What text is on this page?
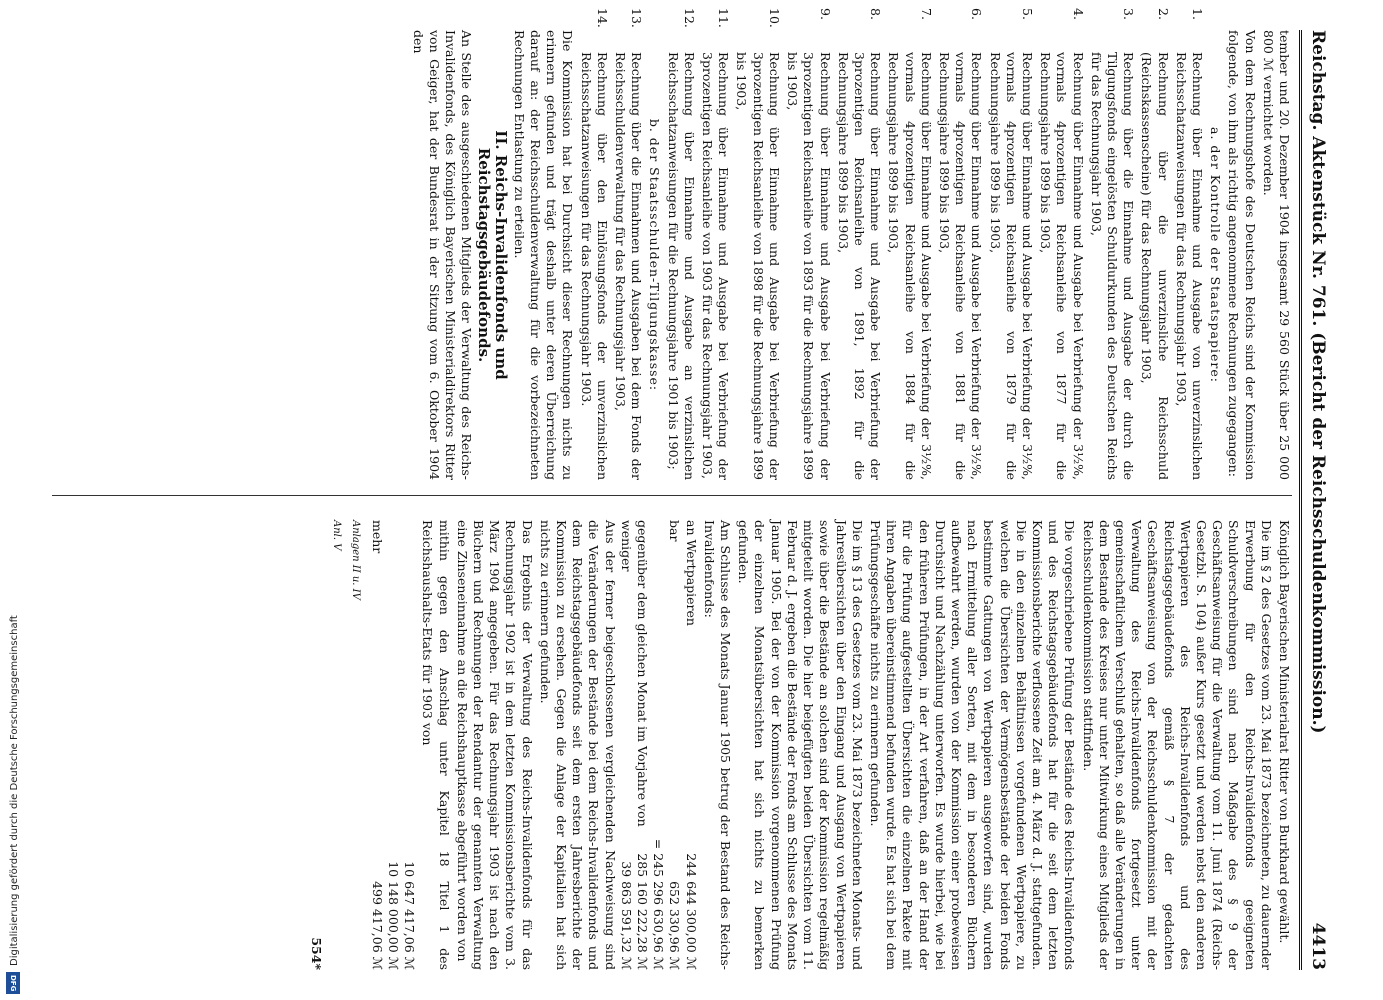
Reichstag. Aktenstück Nr. 761. (Bericht der Reichsschuldenkommission.)
4413

tember und 20. Dezember 1904 insgesamt 29 560 Stück über 25 000 800 ℳ vernichtet worden.

Von dem Rechnungshofe des Deutschen Reichs sind der Kommission folgende, von ihm als richtig angenommene Rechnungen zugegangen:

a. der Kontrolle der Staatspapiere:

1.Rechnung über Einnahme und Ausgabe von unverzinslichen Reichsschatzanweisungen für das Rechnungsjahr 1903,

2.Rechnung über die unverzinsliche Reichsschuld (Reichskassenscheine) für das Rechnungsjahr 1903,

3.Rechnung über die Einnahme und Ausgabe der durch die Tilgungsfonds eingelösten Schuldurkunden des Deutschen Reichs für das Rechnungsjahr 1903,

4.Rechnung über Einnahme und Ausgabe bei Verbriefung der 3½%, vormals 4prozentigen Reichsanleihe von 1877 für die Rechnungsjahre 1899 bis 1903,

5.Rechnung über Einnahme und Ausgabe bei Verbriefung der 3½%, vormals 4prozentigen Reichsanleihe von 1879 für die Rechnungsjahre 1899 bis 1903,

6.Rechnung über Einnahme und Ausgabe bei Verbriefung der 3½%, vormals 4prozentigen Reichsanleihe von 1881 für die Rechnungsjahre 1899 bis 1903,

7.Rechnung über Einnahme und Ausgabe bei Verbriefung der 3½%, vormals 4prozentigen Reichsanleihe von 1884 für die Rechnungsjahre 1899 bis 1903,

8.Rechnung über Einnahme und Ausgabe bei Verbriefung der 3prozentigen Reichsanleihe von 1891, 1892 für die Rechnungsjahre 1899 bis 1903,

9.Rechnung über Einnahme und Ausgabe bei Verbriefung der 3prozentigen Reichsanleihe von 1893 für die Rechnungsjahre 1899 bis 1903,

10.Rechnung über Einnahme und Ausgabe bei Verbriefung der 3prozentigen Reichsanleihe von 1898 für die Rechnungsjahre 1899 bis 1903,

11.Rechnung über Einnahme und Ausgabe bei Verbriefung der 3prozentigen Reichsanleihe von 1903 für das Rechnungsjahr 1903,

12.Rechnung über Einnahme und Ausgabe an verzinslichen Reichsschatzanweisungen für die Rechnungsjahre 1901 bis 1903;

b. der Staatsschulden-Tilgungskasse:

13.Rechnung über die Einnahmen und Ausgaben bei dem Fonds der Reichsschuldenverwaltung für das Rechnungsjahr 1903,

14.Rechnung über den Einlösungsfonds der unverzinslichen Reichsschatzanweisungen für das Rechnungsjahr 1903.

Die Kommission hat bei Durchsicht dieser Rechnungen nichts zu erinnern gefunden und trägt deshalb unter deren Überreichung darauf an: der Reichsschuldenverwaltung für die vorbezeichneten Rechnungen Entlastung zu erteilen.

II. Reichs-Invalidenfonds und Reichstagsgebäudefonds.

An Stelle des ausgeschiedenen Mitglieds der Verwaltung des Reichs-Invalidenfonds, des Königlich Bayerischen Ministerialdirektors Ritter von Geiger, hat der Bundesrat in der Sitzung vom 6. Oktober 1904 den

Königlich Bayerischen Ministerialrat Ritter von Burkhard gewählt.

Die im § 2 des Gesetzes vom 23. Mai 1873 bezeichneten, zu dauernder Erwerbung für den Reichs-Invalidenfonds geeigneten Schuldverschreibungen sind nach Maßgabe des § 9 der Geschäftsanweisung für die Verwaltung vom 11. Juni 1874 (Reichs-Gesetzbl. S. 104) außer Kurs gesetzt und werden nebst den anderen Wertpapieren des Reichs-Invalidenfonds und des Reichstagsgebäudefonds gemäß § 7 der gedachten Geschäftsanweisung von der Reichsschuldenkommission mit der Verwaltung des Reichs-Invalidenfonds fortgesetzt unter gemeinschaftlichem Verschluß gehalten, so daß alle Veränderungen in dem Bestande des Kreises nur unter Mitwirkung eines Mitglieds der Reichsschuldenkommission stattfinden.

Die vorgeschriebene Prüfung der Bestände des Reichs-Invalidenfonds und des Reichstagsgebäudefonds hat für die seit dem letzten Kommissionsberichte verflossene Zeit am 4. März d. J. stattgefunden. Die in den einzelnen Behältnissen vorgefundenen Wertpapiere, zu welchen die Übersichten der Vermögensbestände der beiden Fonds bestimmte Gattungen von Wertpapieren ausgeworfen sind, wurden nach Ermittelung aller Sorten, mit dem in besonderen Büchern aufbewahrt werden, wurden von der Kommission einer probeweisen Durchsicht und Nachzählung unterworfen. Es wurde hierbei, wie bei den früheren Prüfungen, in der Art verfahren, daß an der Hand der für die Prüfung aufgestellten Übersichten die einzelnen Pakete mit ihren Angaben übereinstimmend befunden wurde. Es hat sich bei dem Prüfungsgeschäfte nichts zu erinnern gefunden.

Die im § 13 des Gesetzes vom 23. Mai 1873 bezeichneten Monats- und Jahresübersichten über den Eingang und Ausgang von Wertpapieren sowie über die Bestände an solchen sind der Kommission regelmäßig mitgeteilt worden. Die hier beigefügten beiden Übersichten vom 11. Februar d. J. ergeben die Bestände der Fonds am Schlusse des Monats Januar 1905. Bei der von der Kommission vorgenommenen Prüfung der einzelnen Monatsübersichten hat sich nichts zu bemerken gefunden.

Am Schlusse des Monats Januar 1905 betrug der Bestand des Reichs-Invalidenfonds:

an Wertpapieren
244 644 300,00 ℳ
bar
652 330,96 ℳ
= 245 296 630,96 ℳ
gegenüber dem gleichen Monat im Vorjahre von
285 160 222,28 ℳ
weniger
39 863 591,32 ℳ

Aus der ferner beigeschlossenen vergleichenden Nachweisung sind die Veränderungen der Bestände bei dem Reichs-Invalidenfonds und dem Reichstagsgebäudefonds seit dem ersten Jahresberichte der Kommission zu ersehen. Gegen die Anlage der Kapitalien hat sich nichts zu erinnern gefunden.

Das Ergebnis der Verwaltung des Reichs-Invalidenfonds für das Rechnungsjahr 1902 ist in dem letzten Kommissionsberichte vom 3. März 1904 angegeben. Für das Rechnungsjahr 1903 ist nach den Büchern und Rechnungen der Rendantur der genannten Verwaltung eine Zinseneinnahme an die Reichshauptkasse abgeführt worden von

mithin gegen den Anschlag unter Kapitel 18 Titel 1 des Reichshaushalts-Etats für 1903 von

10 647 417,06 ℳ
10 148 000,00 ℳ
mehr
499 417,06 ℳ

Anlagen II u. IV

Anl. V

554*

Digitalisierung gefördert durch die Deutsche Forschungsgemeinschaft
DFG
